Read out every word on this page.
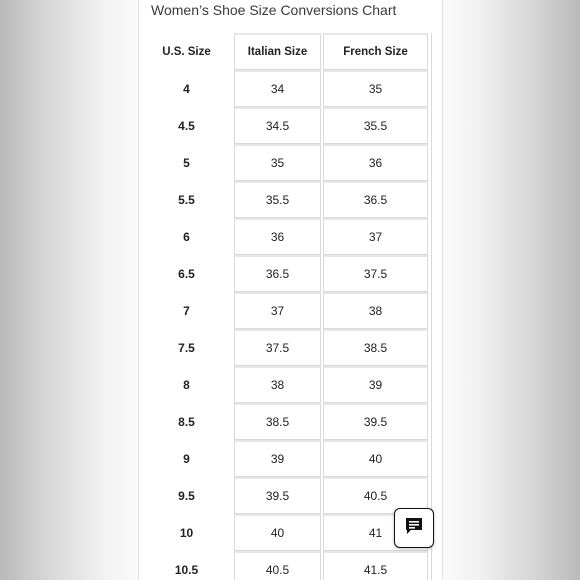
Women’s Shoe Size Conversions Chart
U.S. Size	Italian Size	French Size
4	34	35
4.5	34.5	35.5
5	35	36
5.5	35.5	36.5
6	36	37
6.5	36.5	37.5
7	37	38
7.5	37.5	38.5
8	38	39
8.5	38.5	39.5
9	39	40
9.5	39.5	40.5
10	40	41
10.5	40.5	41.5
